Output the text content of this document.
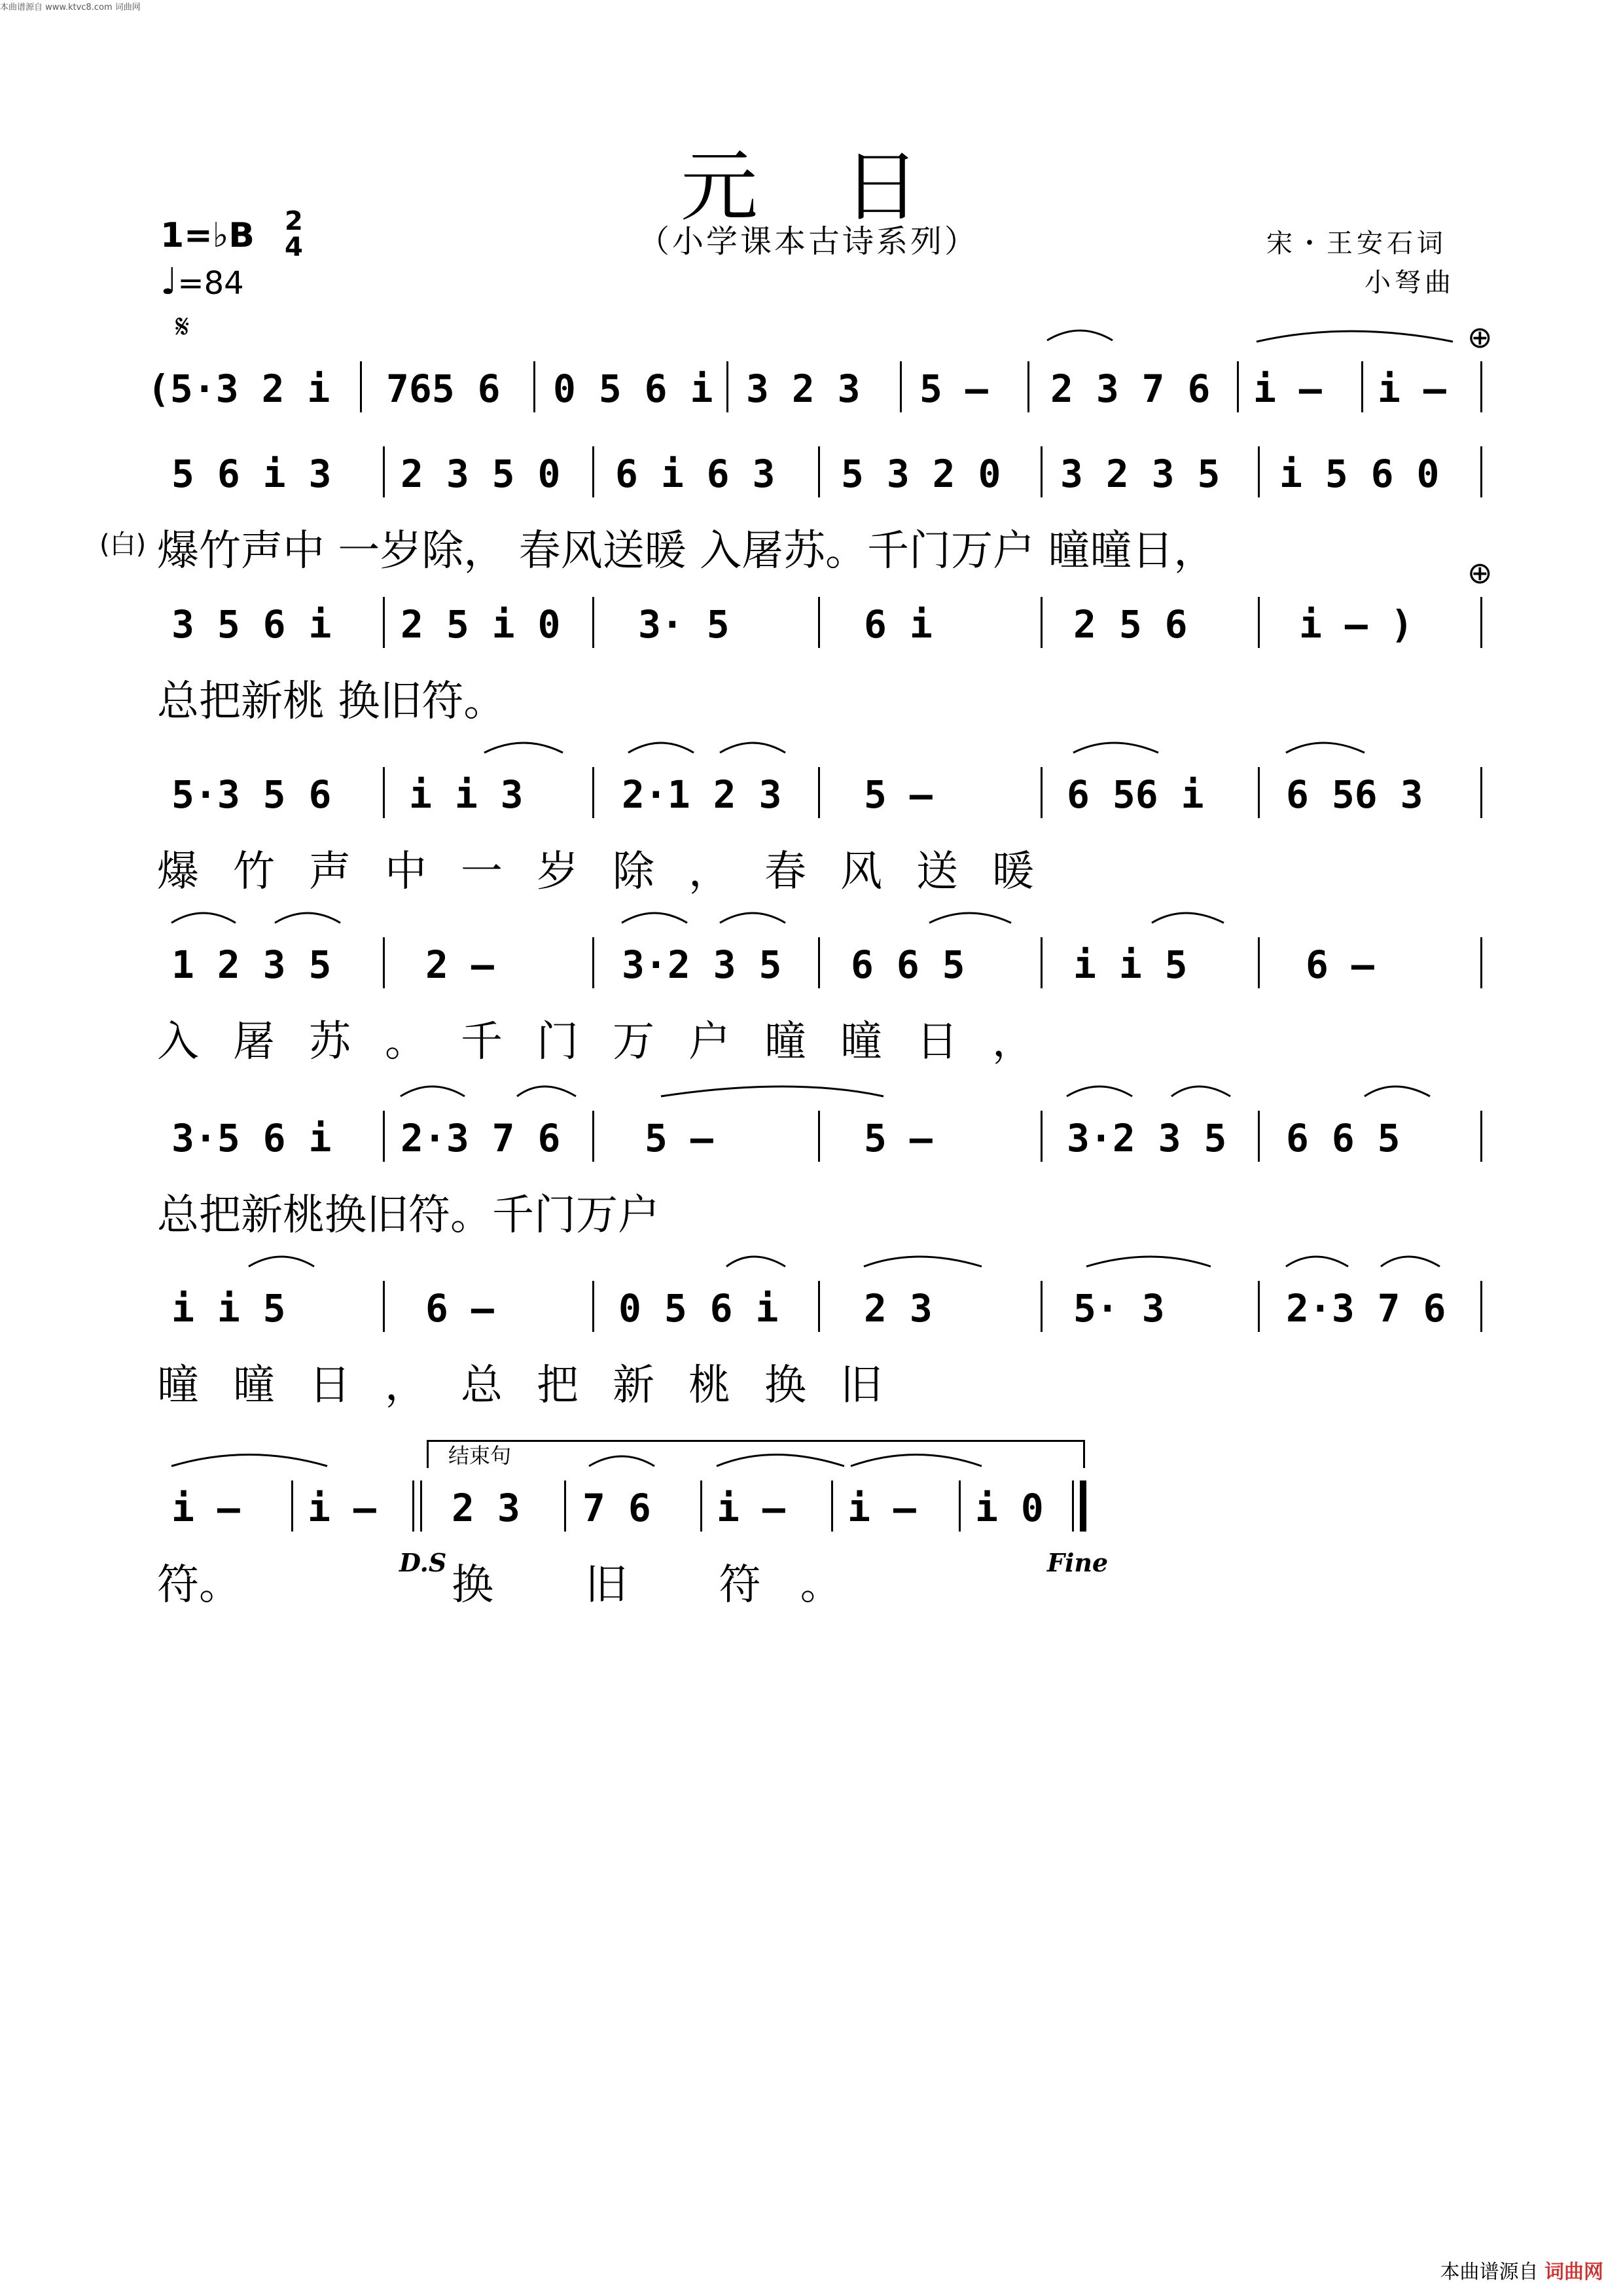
本曲谱源自 www.ktvc8.com 词曲网
元日
（小学课本古诗系列）	宋・王安石词
小弩曲
1=♭B 2
4
♩=84
𝄋
(5·3 2 i 765 6 0 5 6 i 3 2 3 5 – 2 3 7 6 i – i –
⊕
5 6 i 3 2 3 5 0 6 i 6 3 5 3 2 0 3 2 3 5 i 5 6 0
(白) 爆竹声中 一岁除， 春风送暖 入屠苏。千门万户 曈曈日，
3 5 6 i 2 5 i 0 3· 5	6 i	2 5 6	i – )
⊕
总把新桃 换旧符。
5·3 5 6 i i 3	2·1 2 3 5 –	6 56 i 6 56 3
爆竹声中一岁除，春风送暖
1 2 3 5 2 –	3·2 3 5 6 6 5	i i 5	6 –
入屠苏。千门万户曈曈日，
3·5 6 i 2·3 7 6 5 –	5 –	3·2 3 5 6 6 5
总把新桃换旧符。千门万户
i i 5	6 –	0 5 6 i 2 3	5· 3	2·3 7 6
曈曈日，总把新桃换旧
结束句
i – i – 2 3 7 6 i – i – i 0
符。	D.S 换 旧 符。	Fine
本曲谱源自 词曲网
